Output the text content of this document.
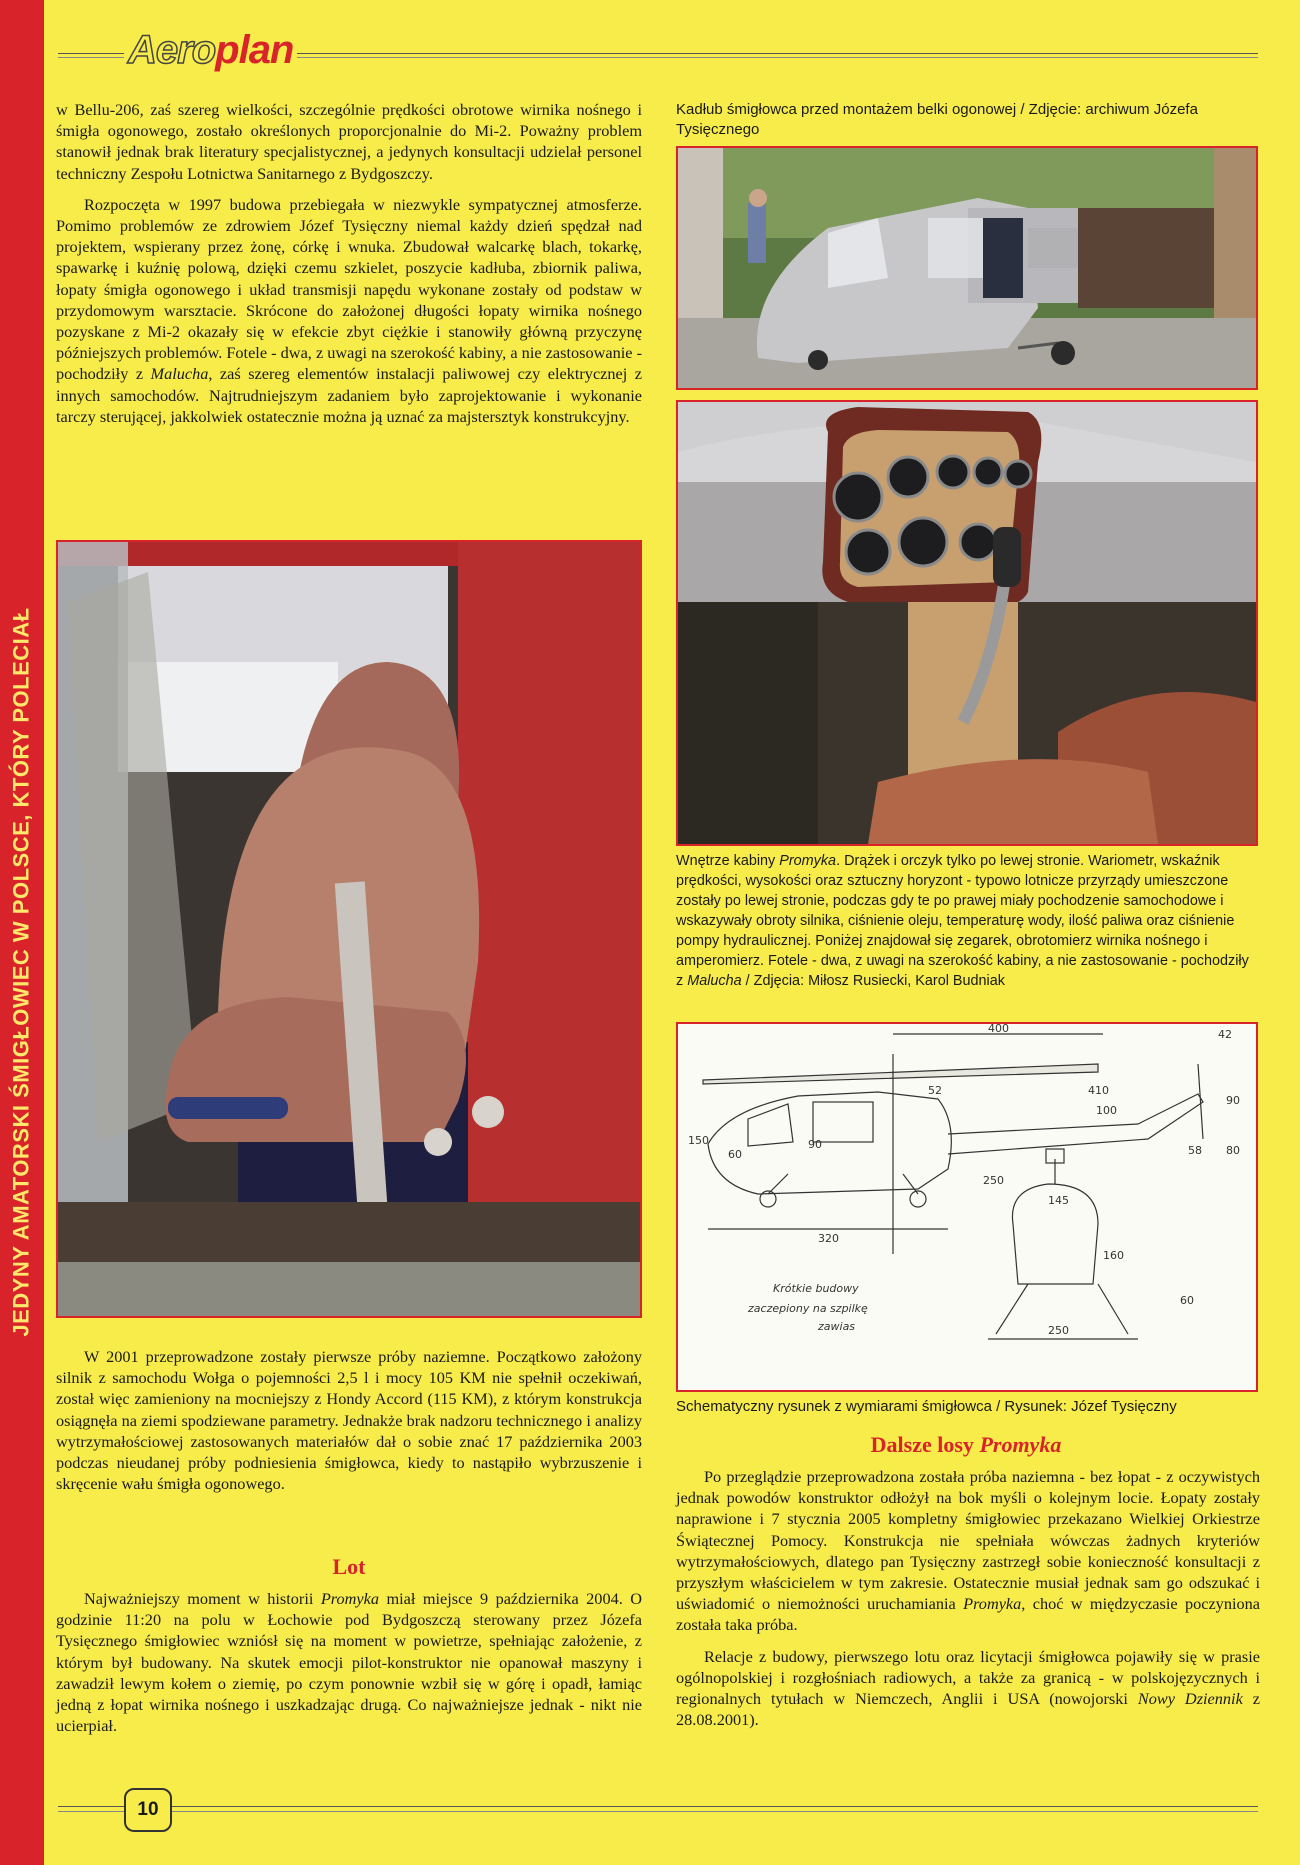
JEDYNY AMATORSKI ŚMIGŁOWIEC W POLSCE, KTÓRY POLECIAŁ
Aeroplan

w Bellu-206, zaś szereg wielkości, szczególnie prędkości obrotowe wirnika nośnego i śmigła ogonowego, zostało określonych proporcjonalnie do Mi-2. Poważny problem stanowił jednak brak literatury specjalistycznej, a jedynych konsultacji udzielał personel techniczny Zespołu Lotnictwa Sanitarnego z Bydgoszczy.

Rozpoczęta w 1997 budowa przebiegała w niezwykle sympatycznej atmosferze. Pomimo problemów ze zdrowiem Józef Tysięczny niemal każdy dzień spędzał nad projektem, wspierany przez żonę, córkę i wnuka. Zbudował walcarkę blach, tokarkę, spawarkę i kuźnię polową, dzięki czemu szkielet, poszycie kadłuba, zbiornik paliwa, łopaty śmigła ogonowego i układ transmisji napędu wykonane zostały od podstaw w przydomowym warsztacie. Skrócone do założonej długości łopaty wirnika nośnego pozyskane z Mi-2 okazały się w efekcie zbyt ciężkie i stanowiły główną przyczynę późniejszych problemów. Fotele - dwa, z uwagi na szerokość kabiny, a nie zastosowanie - pochodziły z Malucha, zaś szereg elementów instalacji paliwowej czy elektrycznej z innych samochodów. Najtrudniejszym zadaniem było zaprojektowanie i wykonanie tarczy sterującej, jakkolwiek ostatecznie można ją uznać za majstersztyk konstrukcyjny.

W 2001 przeprowadzone zostały pierwsze próby naziemne. Początkowo założony silnik z samochodu Wołga o pojemności 2,5 l i mocy 105 KM nie spełnił oczekiwań, został więc zamieniony na mocniejszy z Hondy Accord (115 KM), z którym konstrukcja osiągnęła na ziemi spodziewane parametry. Jednakże brak nadzoru technicznego i analizy wytrzymałościowej zastosowanych materiałów dał o sobie znać 17 października 2003 podczas nieudanej próby podniesienia śmigłowca, kiedy to nastąpiło wybrzuszenie i skręcenie wału śmigła ogonowego.

Lot

Najważniejszy moment w historii Promyka miał miejsce 9 października 2004. O godzinie 11:20 na polu w Łochowie pod Bydgoszczą sterowany przez Józefa Tysięcznego śmigłowiec wzniósł się na moment w powietrze, spełniając założenie, z którym był budowany. Na skutek emocji pilot-konstruktor nie opanował maszyny i zawadził lewym kołem o ziemię, po czym ponownie wzbił się w górę i opadł, łamiąc jedną z łopat wirnika nośnego i uszkadzając drugą. Co najważniejsze jednak - nikt nie ucierpiał.

Kadłub śmigłowca przed montażem belki ogonowej / Zdjęcie: archiwum Józefa Tysięcznego
Wnętrze kabiny Promyka. Drążek i orczyk tylko po lewej stronie. Wariometr, wskaźnik prędkości, wysokości oraz sztuczny horyzont - typowo lotnicze przyrządy umieszczone zostały po lewej stronie, podczas gdy te po prawej miały pochodzenie samochodowe i wskazywały obroty silnika, ciśnienie oleju, temperaturę wody, ilość paliwa oraz ciśnienie pompy hydraulicznej. Poniżej znajdował się zegarek, obrotomierz wirnika nośnego i amperomierz. Fotele - dwa, z uwagi na szerokość kabiny, a nie zastosowanie - pochodziły z Malucha / Zdjęcia: Miłosz Rusiecki, Karol Budniak
400	42
410
52
150
60
90
100
90
80
250
58
145
320
160
60
250
Krótkie budowy
zaczepiony na szpilkę
zawias
Schematyczny rysunek z wymiarami śmigłowca / Rysunek: Józef Tysięczny
Dalsze losy Promyka

Po przeglądzie przeprowadzona została próba naziemna - bez łopat - z oczywistych jednak powodów konstruktor odłożył na bok myśli o kolejnym locie. Łopaty zostały naprawione i 7 stycznia 2005 kompletny śmigłowiec przekazano Wielkiej Orkiestrze Świątecznej Pomocy. Konstrukcja nie spełniała wówczas żadnych kryteriów wytrzymałościowych, dlatego pan Tysięczny zastrzegł sobie konieczność konsultacji z przyszłym właścicielem w tym zakresie. Ostatecznie musiał jednak sam go odszukać i uświadomić o niemożności uruchamiania Promyka, choć w międzyczasie poczyniona została taka próba.

Relacje z budowy, pierwszego lotu oraz licytacji śmigłowca pojawiły się w prasie ogólnopolskiej i rozgłośniach radiowych, a także za granicą - w polskojęzycznych i regionalnych tytułach w Niemczech, Anglii i USA (nowojorski Nowy Dziennik z 28.08.2001).

10
